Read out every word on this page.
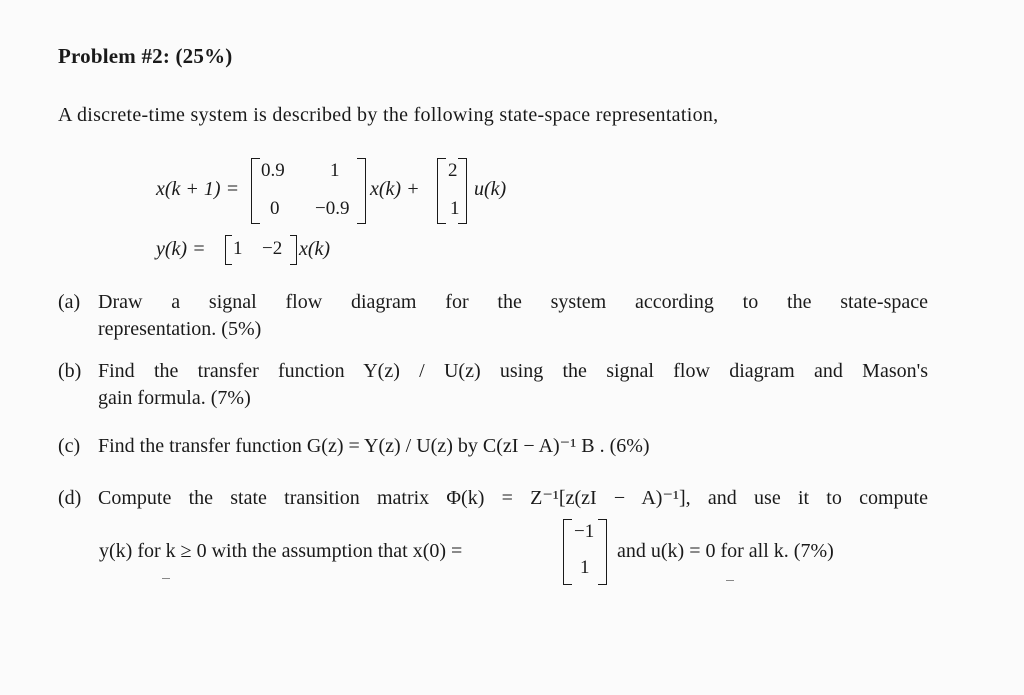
Problem #2: (25%)
A discrete-time system is described by the following state-space representation,
x(k + 1) =
0.9 1
0 −0.9
x(k) +
2
1
u(k)
y(k) = 1 −2 x(k)
(a) Draw a signal flow diagram for the system according to the state-space
representation. (5%)
(b) Find the transfer function Y(z) / U(z) using the signal flow diagram and Mason's
gain formula. (7%)
(c) Find the transfer function G(z) = Y(z) / U(z) by C(zI − A)⁻¹ B . (6%)
(d) Compute the state transition matrix Φ(k) = Z⁻¹[z(zI − A)⁻¹], and use it to compute
y(k) for k ≥ 0 with the assumption that x(0) =
−1
1
and u(k) = 0 for all k. (7%)
